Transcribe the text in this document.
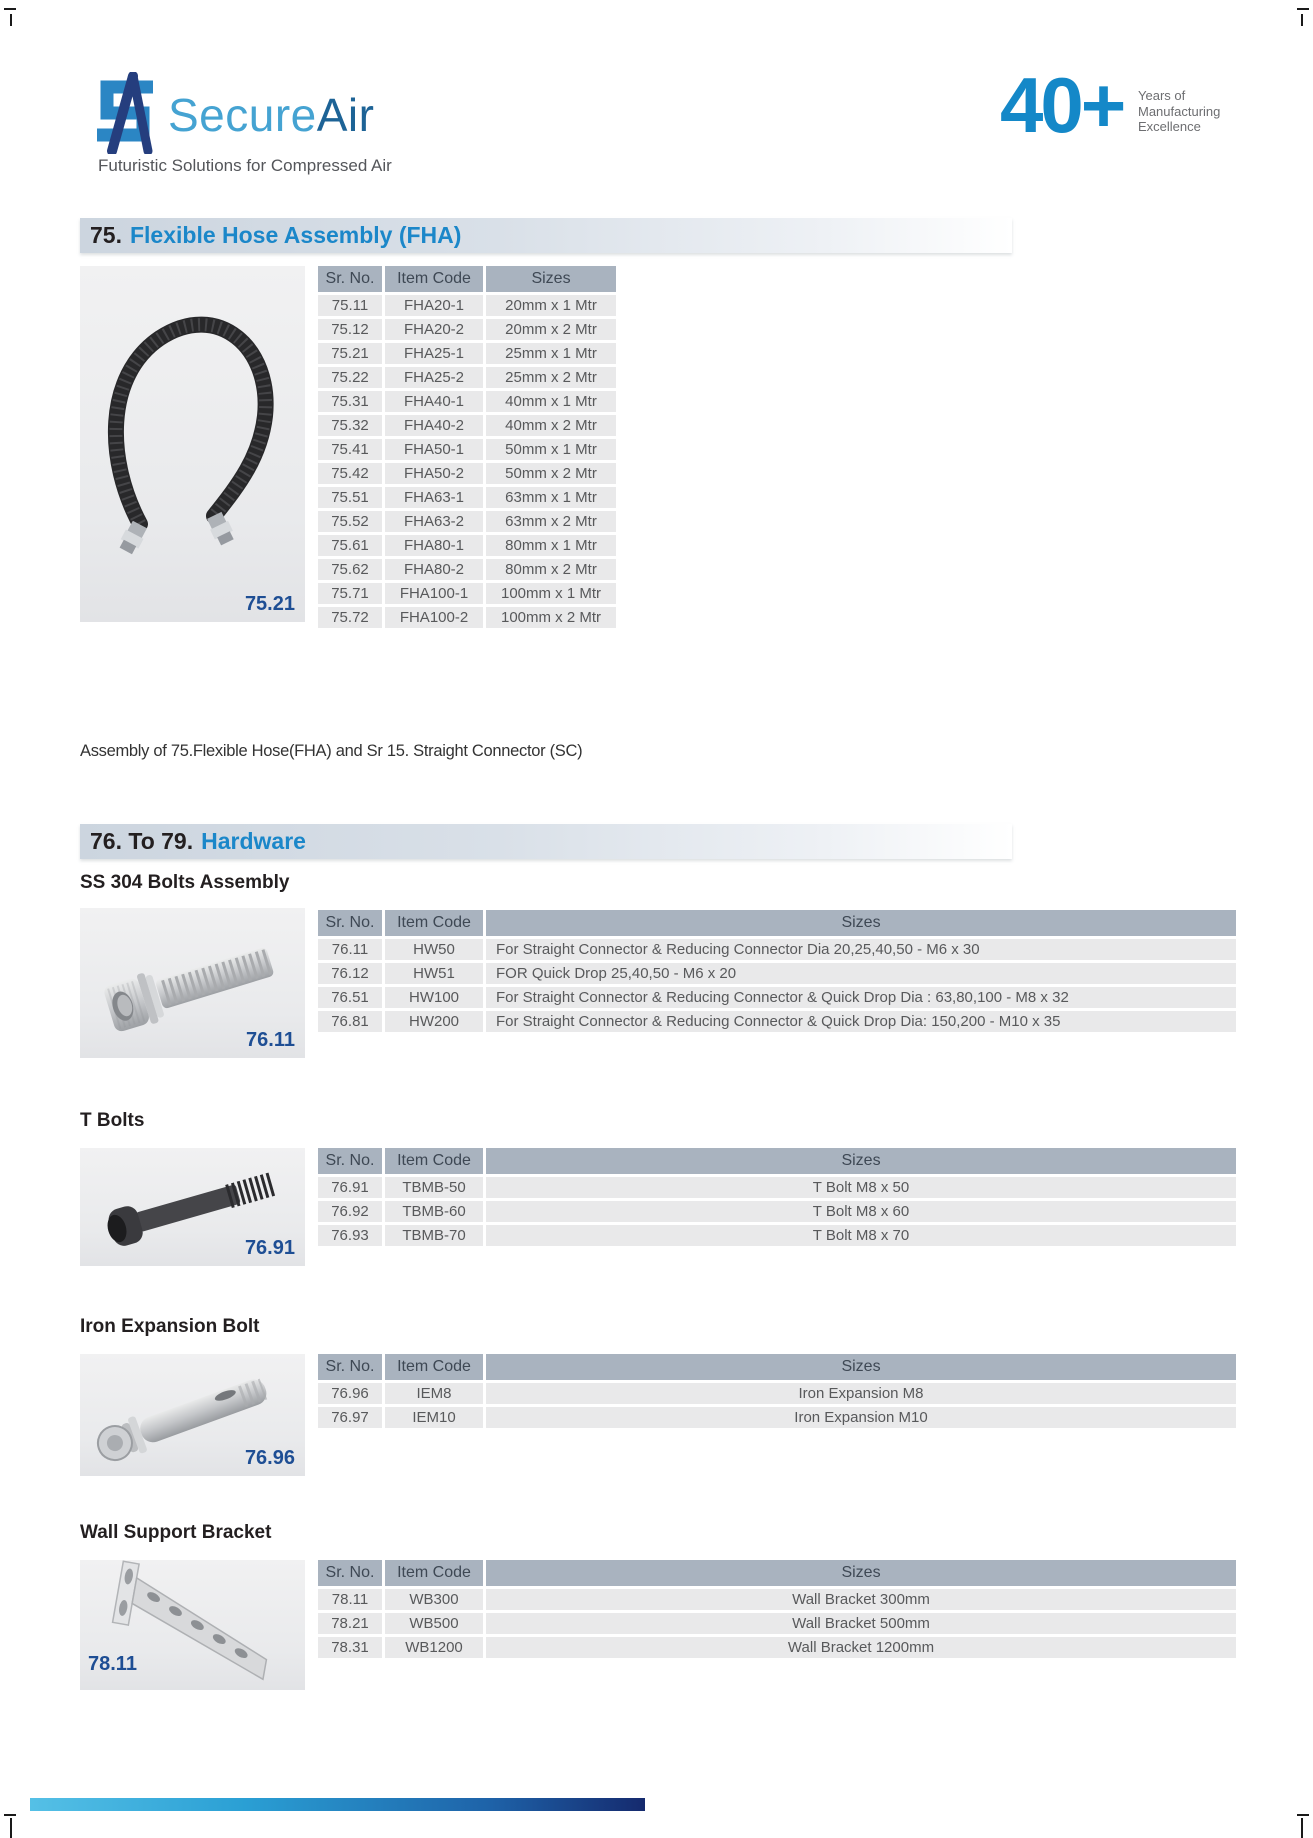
SecureAir
Futuristic Solutions for Compressed Air
40+ Years of
Manufacturing
Excellence
75. Flexible Hose Assembly (FHA)
75.21
Sr. No.	Item Code	Sizes
75.11	FHA20-1	20mm x 1 Mtr
75.12	FHA20-2	20mm x 2 Mtr
75.21	FHA25-1	25mm x 1 Mtr
75.22	FHA25-2	25mm x 2 Mtr
75.31	FHA40-1	40mm x 1 Mtr
75.32	FHA40-2	40mm x 2 Mtr
75.41	FHA50-1	50mm x 1 Mtr
75.42	FHA50-2	50mm x 2 Mtr
75.51	FHA63-1	63mm x 1 Mtr
75.52	FHA63-2	63mm x 2 Mtr
75.61	FHA80-1	80mm x 1 Mtr
75.62	FHA80-2	80mm x 2 Mtr
75.71	FHA100-1	100mm x 1 Mtr
75.72	FHA100-2	100mm x 2 Mtr
Assembly of 75.Flexible Hose(FHA) and Sr 15. Straight Connector (SC)
76. To 79. Hardware
SS 304 Bolts Assembly
76.11
Sr. No.	Item Code	Sizes
76.11	HW50	For Straight Connector & Reducing Connector Dia 20,25,40,50 - M6 x 30
76.12	HW51	FOR Quick Drop 25,40,50 - M6 x 20
76.51	HW100	For Straight Connector & Reducing Connector & Quick Drop Dia : 63,80,100 - M8 x 32
76.81	HW200	For Straight Connector & Reducing Connector & Quick Drop Dia: 150,200 - M10 x 35
T Bolts
76.91
Sr. No.	Item Code	Sizes
76.91	TBMB-50	T Bolt M8 x 50
76.92	TBMB-60	T Bolt M8 x 60
76.93	TBMB-70	T Bolt M8 x 70
Iron Expansion Bolt
76.96
Sr. No.	Item Code	Sizes
76.96	IEM8	Iron Expansion M8
76.97	IEM10	Iron Expansion M10
Wall Support Bracket
78.11
Sr. No.	Item Code	Sizes
78.11	WB300	Wall Bracket 300mm
78.21	WB500	Wall Bracket 500mm
78.31	WB1200	Wall Bracket 1200mm
